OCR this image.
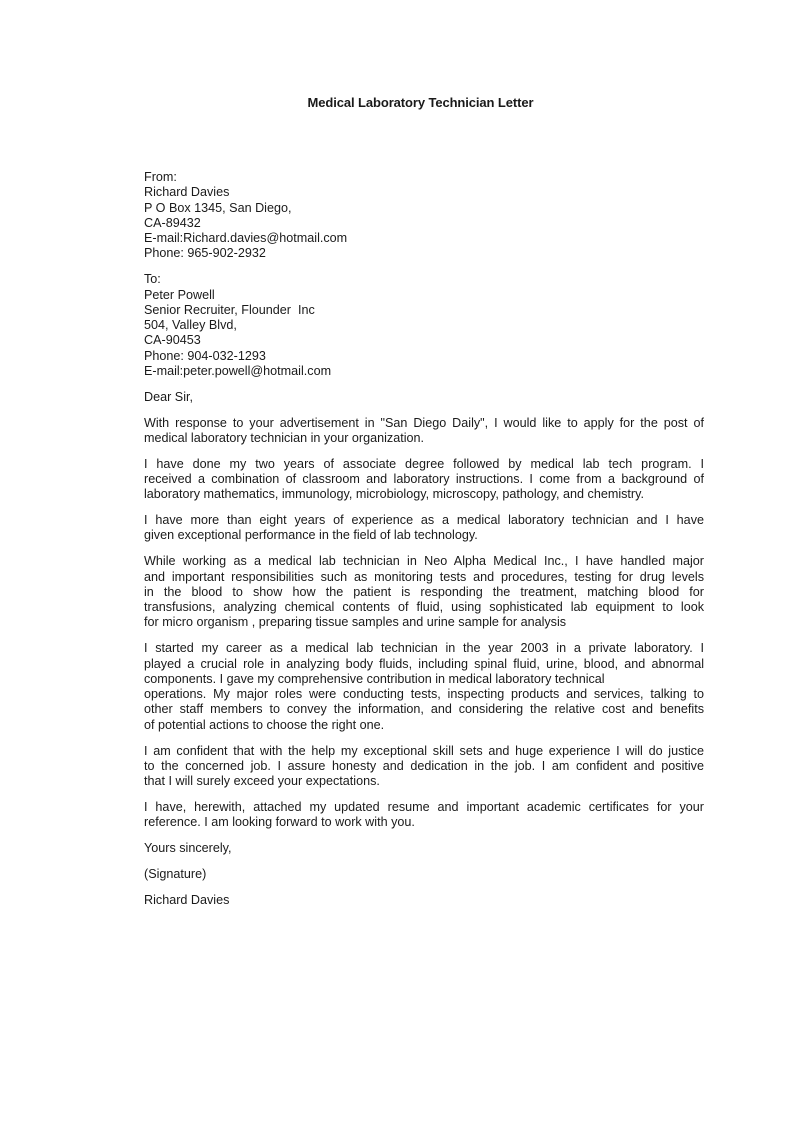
Medical Laboratory Technician Letter
From:
Richard Davies
P O Box 1345, San Diego,
CA-89432
E-mail:Richard.davies@hotmail.com
Phone: 965-902-2932
To:
Peter Powell
Senior Recruiter, Flounder  Inc
504, Valley Blvd,
CA-90453
Phone: 904-032-1293
E-mail:peter.powell@hotmail.com
Dear Sir,
With response to your advertisement in "San Diego Daily", I would like to apply for the post of
medical laboratory technician in your organization.
I have done my two years of associate degree followed by medical lab tech program. I
received a combination of classroom and laboratory instructions. I come from a background of
laboratory mathematics, immunology, microbiology, microscopy, pathology, and chemistry.
I have more than eight years of experience as a medical laboratory technician and I have
given exceptional performance in the field of lab technology.
While working as a medical lab technician in Neo Alpha Medical Inc., I have handled major
and important responsibilities such as monitoring tests and procedures, testing for drug levels
in the blood to show how the patient is responding the treatment, matching blood for
transfusions, analyzing chemical contents of fluid, using sophisticated lab equipment to look
for micro organism , preparing tissue samples and urine sample for analysis
I started my career as a medical lab technician in the year 2003 in a private laboratory. I
played a crucial role in analyzing body fluids, including spinal fluid, urine, blood, and abnormal
components. I gave my comprehensive contribution in medical laboratory technical
operations. My major roles were conducting tests, inspecting products and services, talking to
other staff members to convey the information, and considering the relative cost and benefits
of potential actions to choose the right one.
I am confident that with the help my exceptional skill sets and huge experience I will do justice
to the concerned job. I assure honesty and dedication in the job. I am confident and positive
that I will surely exceed your expectations.
I have, herewith, attached my updated resume and important academic certificates for your
reference. I am looking forward to work with you.
Yours sincerely,
(Signature)
Richard Davies
